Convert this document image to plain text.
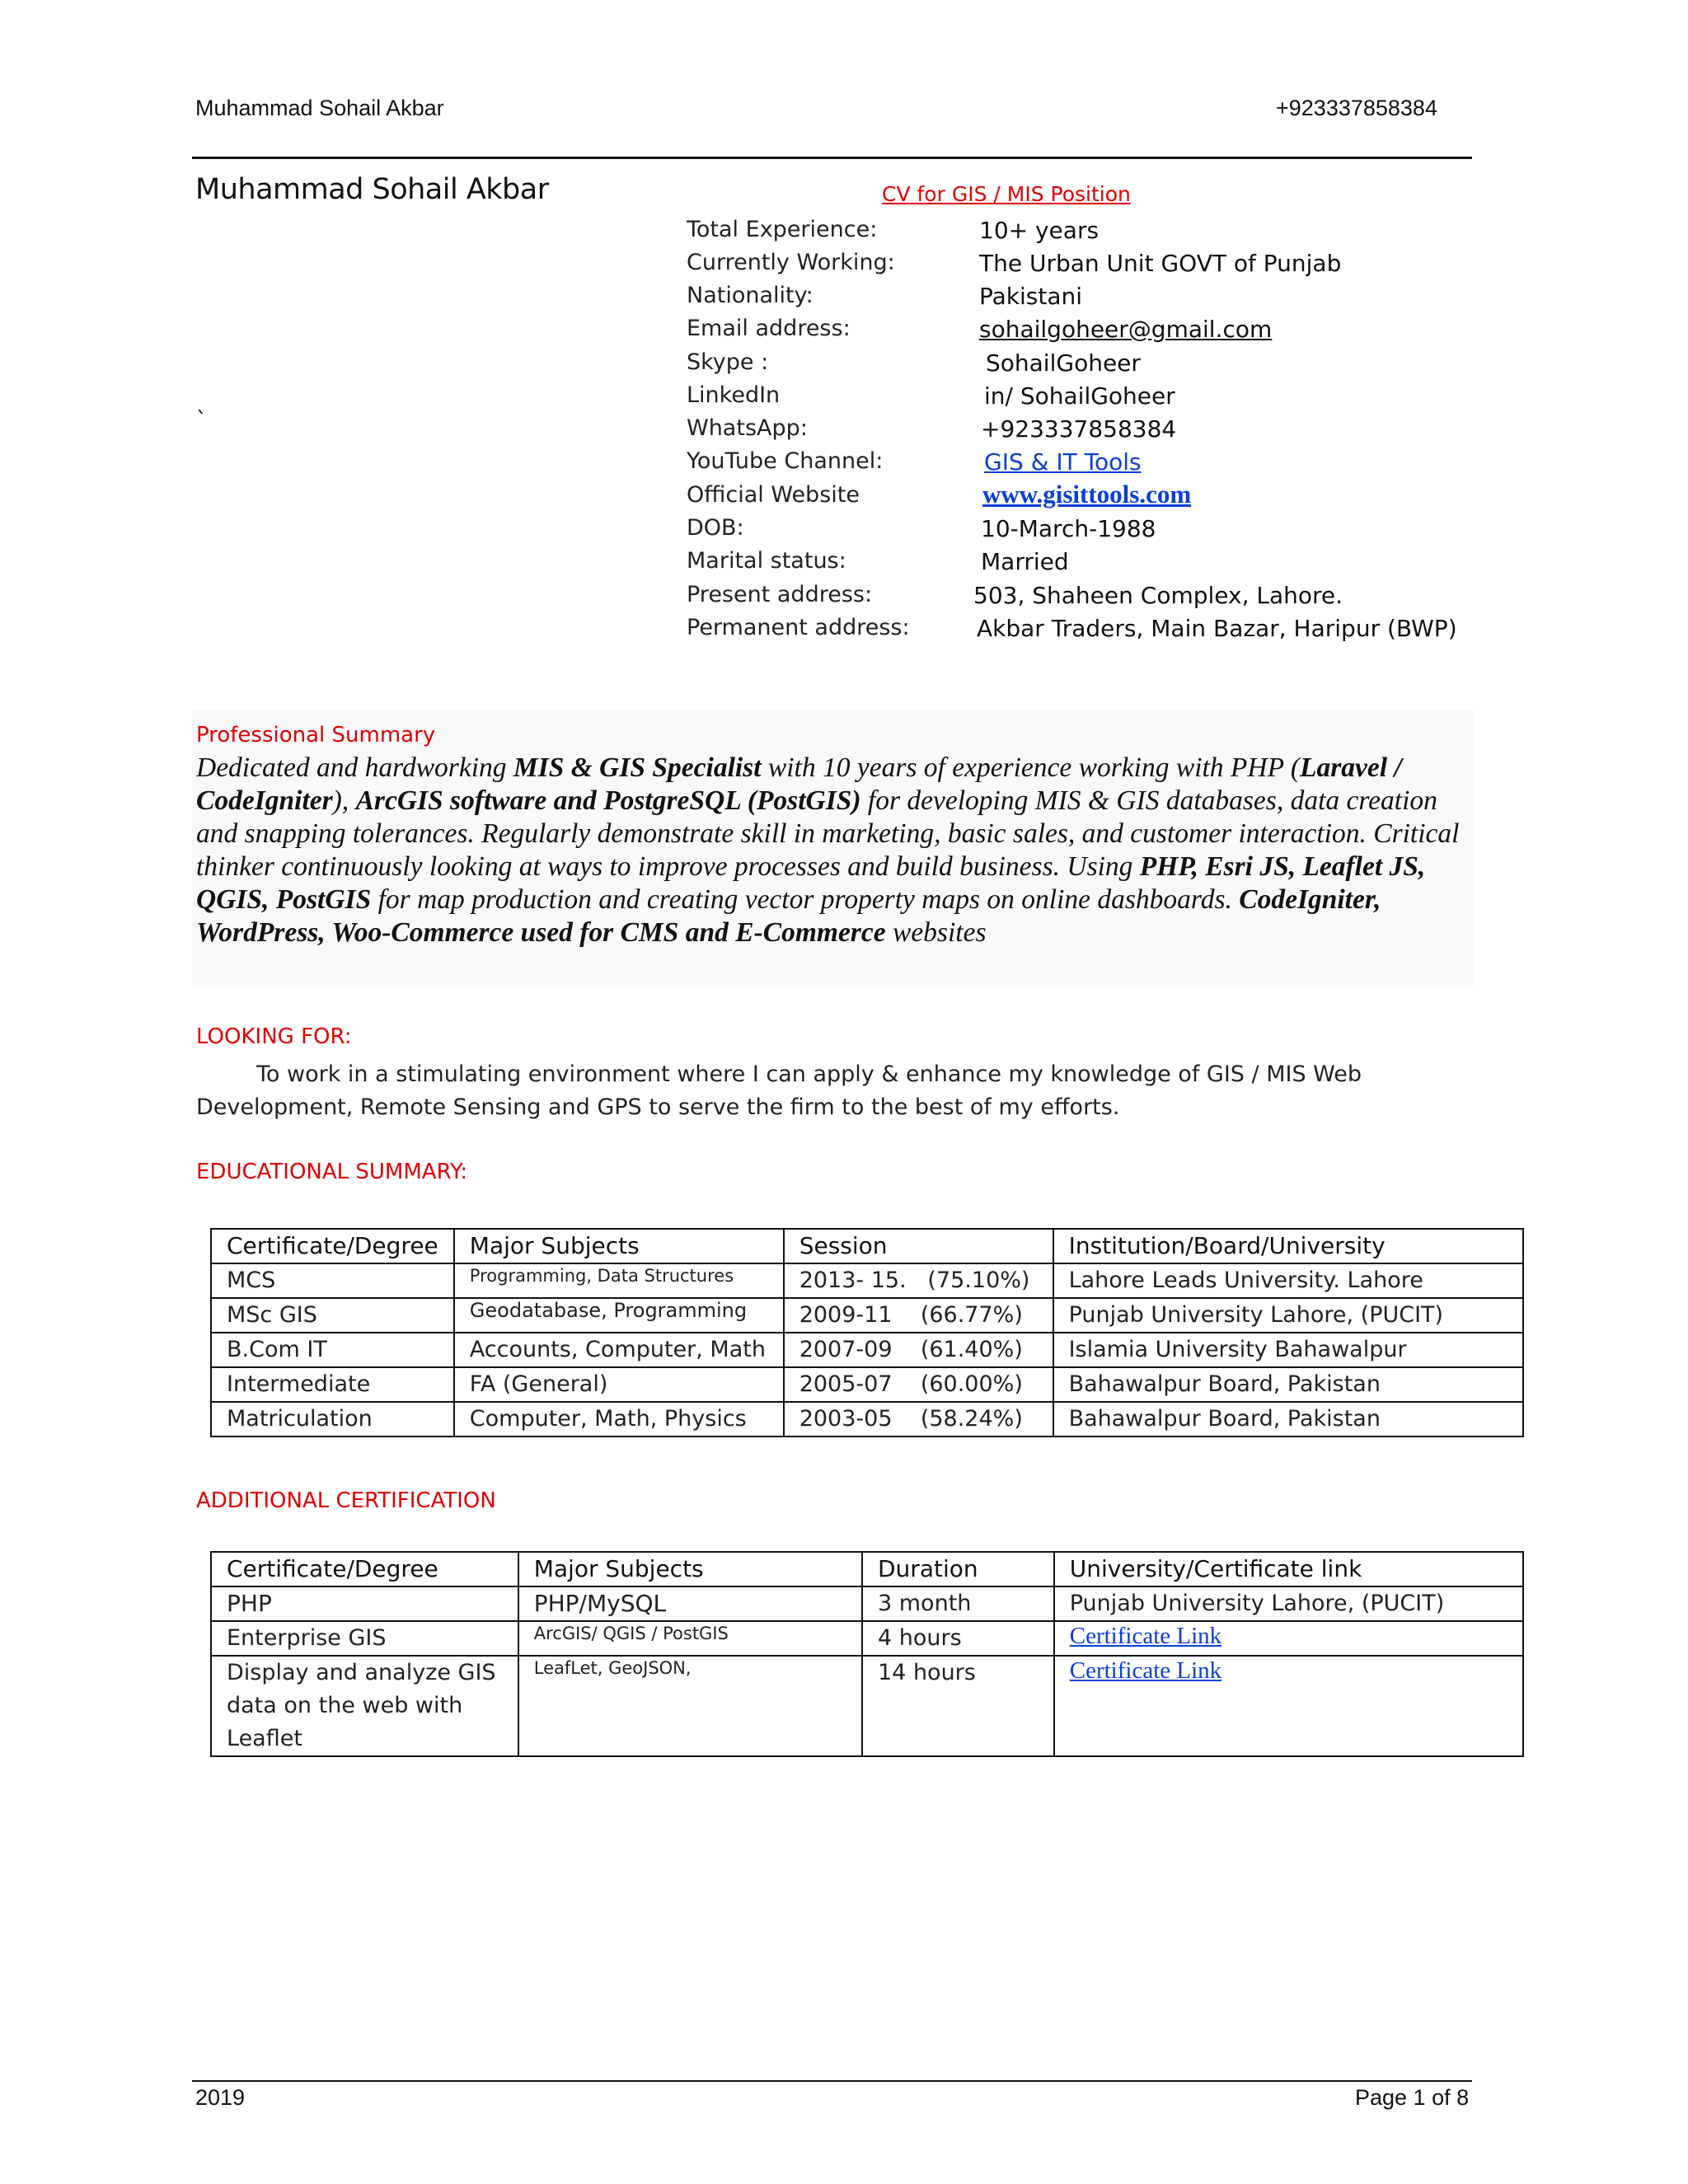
Muhammad Sohail Akbar	+923337858384
Muhammad Sohail Akbar	CV for GIS / MIS Position
`
Total Experience:	10+ years
Currently Working:	The Urban Unit GOVT of Punjab
Nationality:	Pakistani
Email address:	sohailgoheer@gmail.com
Skype :	SohailGoheer
LinkedIn	in/ SohailGoheer
WhatsApp:	+923337858384
YouTube Channel:	GIS & IT Tools
Official Website	www.gisittools.com
DOB:	10-March-1988
Marital status:	Married
Present address:	503, Shaheen Complex, Lahore.
Permanent address:	Akbar Traders, Main Bazar, Haripur (BWP)
Professional Summary
Dedicated and hardworking MIS & GIS Specialist with 10 years of experience working with PHP (Laravel / CodeIgniter), ArcGIS software and PostgreSQL (PostGIS) for developing MIS & GIS databases, data creation and snapping tolerances. Regularly demonstrate skill in marketing, basic sales, and customer interaction. Critical thinker continuously looking at ways to improve processes and build business. Using PHP, Esri JS, Leaflet JS, QGIS, PostGIS for map production and creating vector property maps on online dashboards. CodeIgniter, WordPress, Woo-Commerce used for CMS and E-Commerce websites
LOOKING FOR:
To work in a stimulating environment where I can apply & enhance my knowledge of GIS / MIS Web
Development, Remote Sensing and GPS to serve the firm to the best of my efforts.
EDUCATIONAL SUMMARY:
Certificate/Degree	Major Subjects	Session	Institution/Board/University
MCS	Programming, Data Structures	2013- 15.   (75.10%)	Lahore Leads University. Lahore
MSc GIS	Geodatabase, Programming	2009-11    (66.77%)	Punjab University Lahore, (PUCIT)
B.Com IT	Accounts, Computer, Math	2007-09    (61.40%)	Islamia University Bahawalpur
Intermediate	FA (General)	2005-07    (60.00%)	Bahawalpur Board, Pakistan
Matriculation	Computer, Math, Physics	2003-05    (58.24%)	Bahawalpur Board, Pakistan
ADDITIONAL CERTIFICATION
Certificate/Degree	Major Subjects	Duration	University/Certificate link
PHP	PHP/MySQL	3 month	Punjab University Lahore, (PUCIT)
Enterprise GIS	ArcGIS/ QGIS / PostGIS	4 hours	Certificate Link
Display and analyze GIS data on the web with Leaflet	LeafLet, GeoJSON,	14 hours	Certificate Link
2019	Page 1 of 8
